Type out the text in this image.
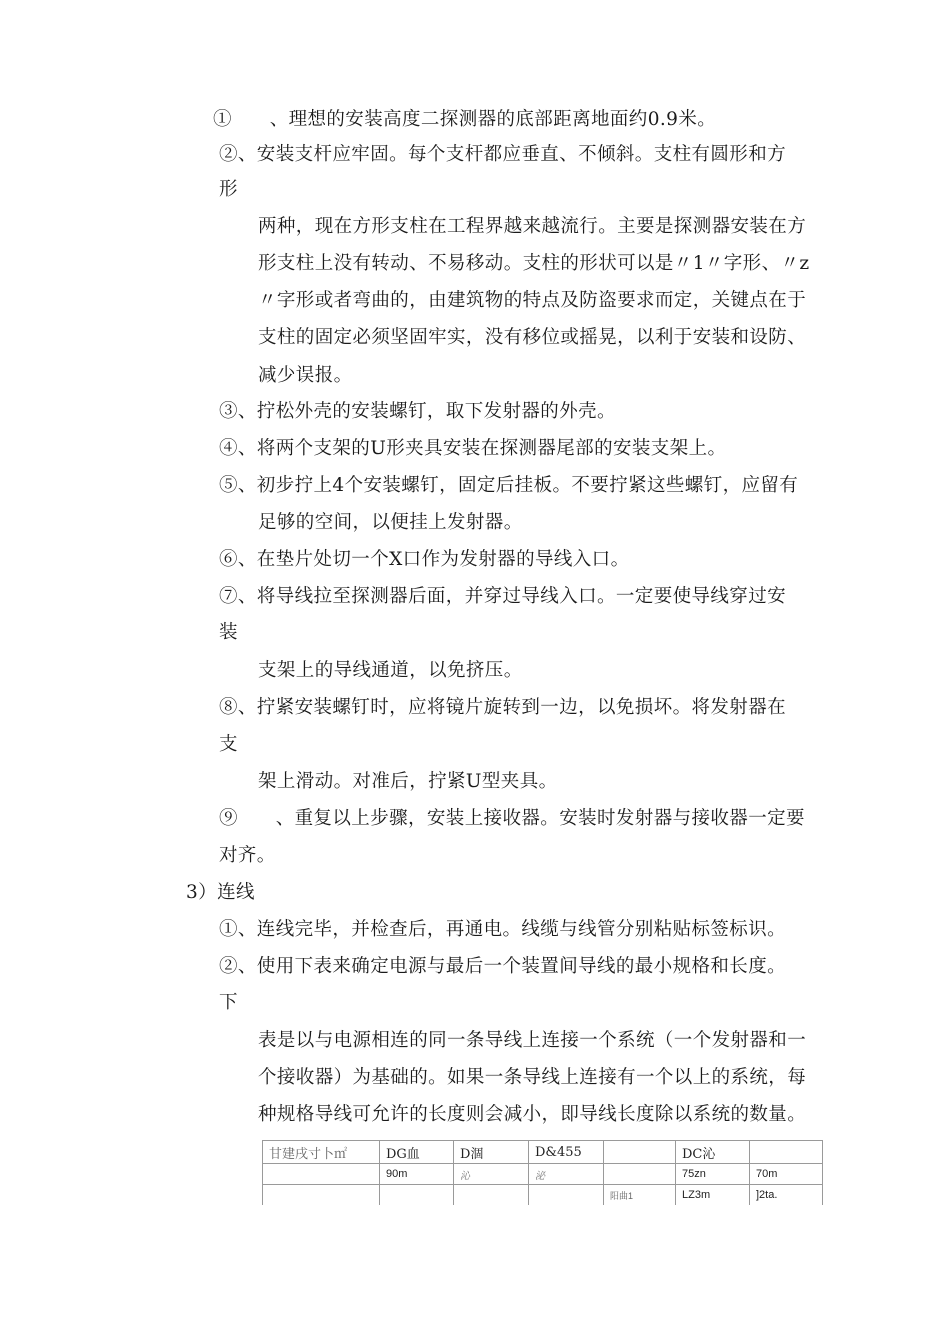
①　　、理想的安装高度二探测器的底部距离地面约0.9米。
②、安装支杆应牢固。每个支杆都应垂直、不倾斜。支柱有圆形和方
形
两种，现在方形支柱在工程界越来越流行。主要是探测器安装在方
形支柱上没有转动、不易移动。支柱的形状可以是〃1〃字形、〃z
〃字形或者弯曲的，由建筑物的特点及防盗要求而定，关键点在于
支柱的固定必须坚固牢实，没有移位或摇晃，以利于安装和设防、
减少误报。
③、拧松外壳的安装螺钉，取下发射器的外壳。
④、将两个支架的U形夹具安装在探测器尾部的安装支架上。
⑤、初步拧上4个安装螺钉，固定后挂板。不要拧紧这些螺钉，应留有
足够的空间，以便挂上发射器。
⑥、在垫片处切一个X口作为发射器的导线入口。
⑦、将导线拉至探测器后面，并穿过导线入口。一定要使导线穿过安
装
支架上的导线通道，以免挤压。
⑧、拧紧安装螺钉时，应将镜片旋转到一边，以免损坏。将发射器在
支
架上滑动。对准后，拧紧U型夹具。
⑨　　、重复以上步骤，安装上接收器。安装时发射器与接收器一定要
对齐。
3）连线
①、连线完毕，并检查后，再通电。线缆与线管分别粘贴标签标识。
②、使用下表来确定电源与最后一个装置间导线的最小规格和长度。
下
表是以与电源相连的同一条导线上连接一个系统（一个发射器和一
个接收器）为基础的。如果一条导线上连接有一个以上的系统，每
种规格导线可允许的长度则会减小，即导线长度除以系统的数量。
甘建戌寸卜㎡	DG血	D涸	D&455		DC沁	
	90m	沁	泌		75zn	70m
				阳曲1	LZ3m	]2ta.
